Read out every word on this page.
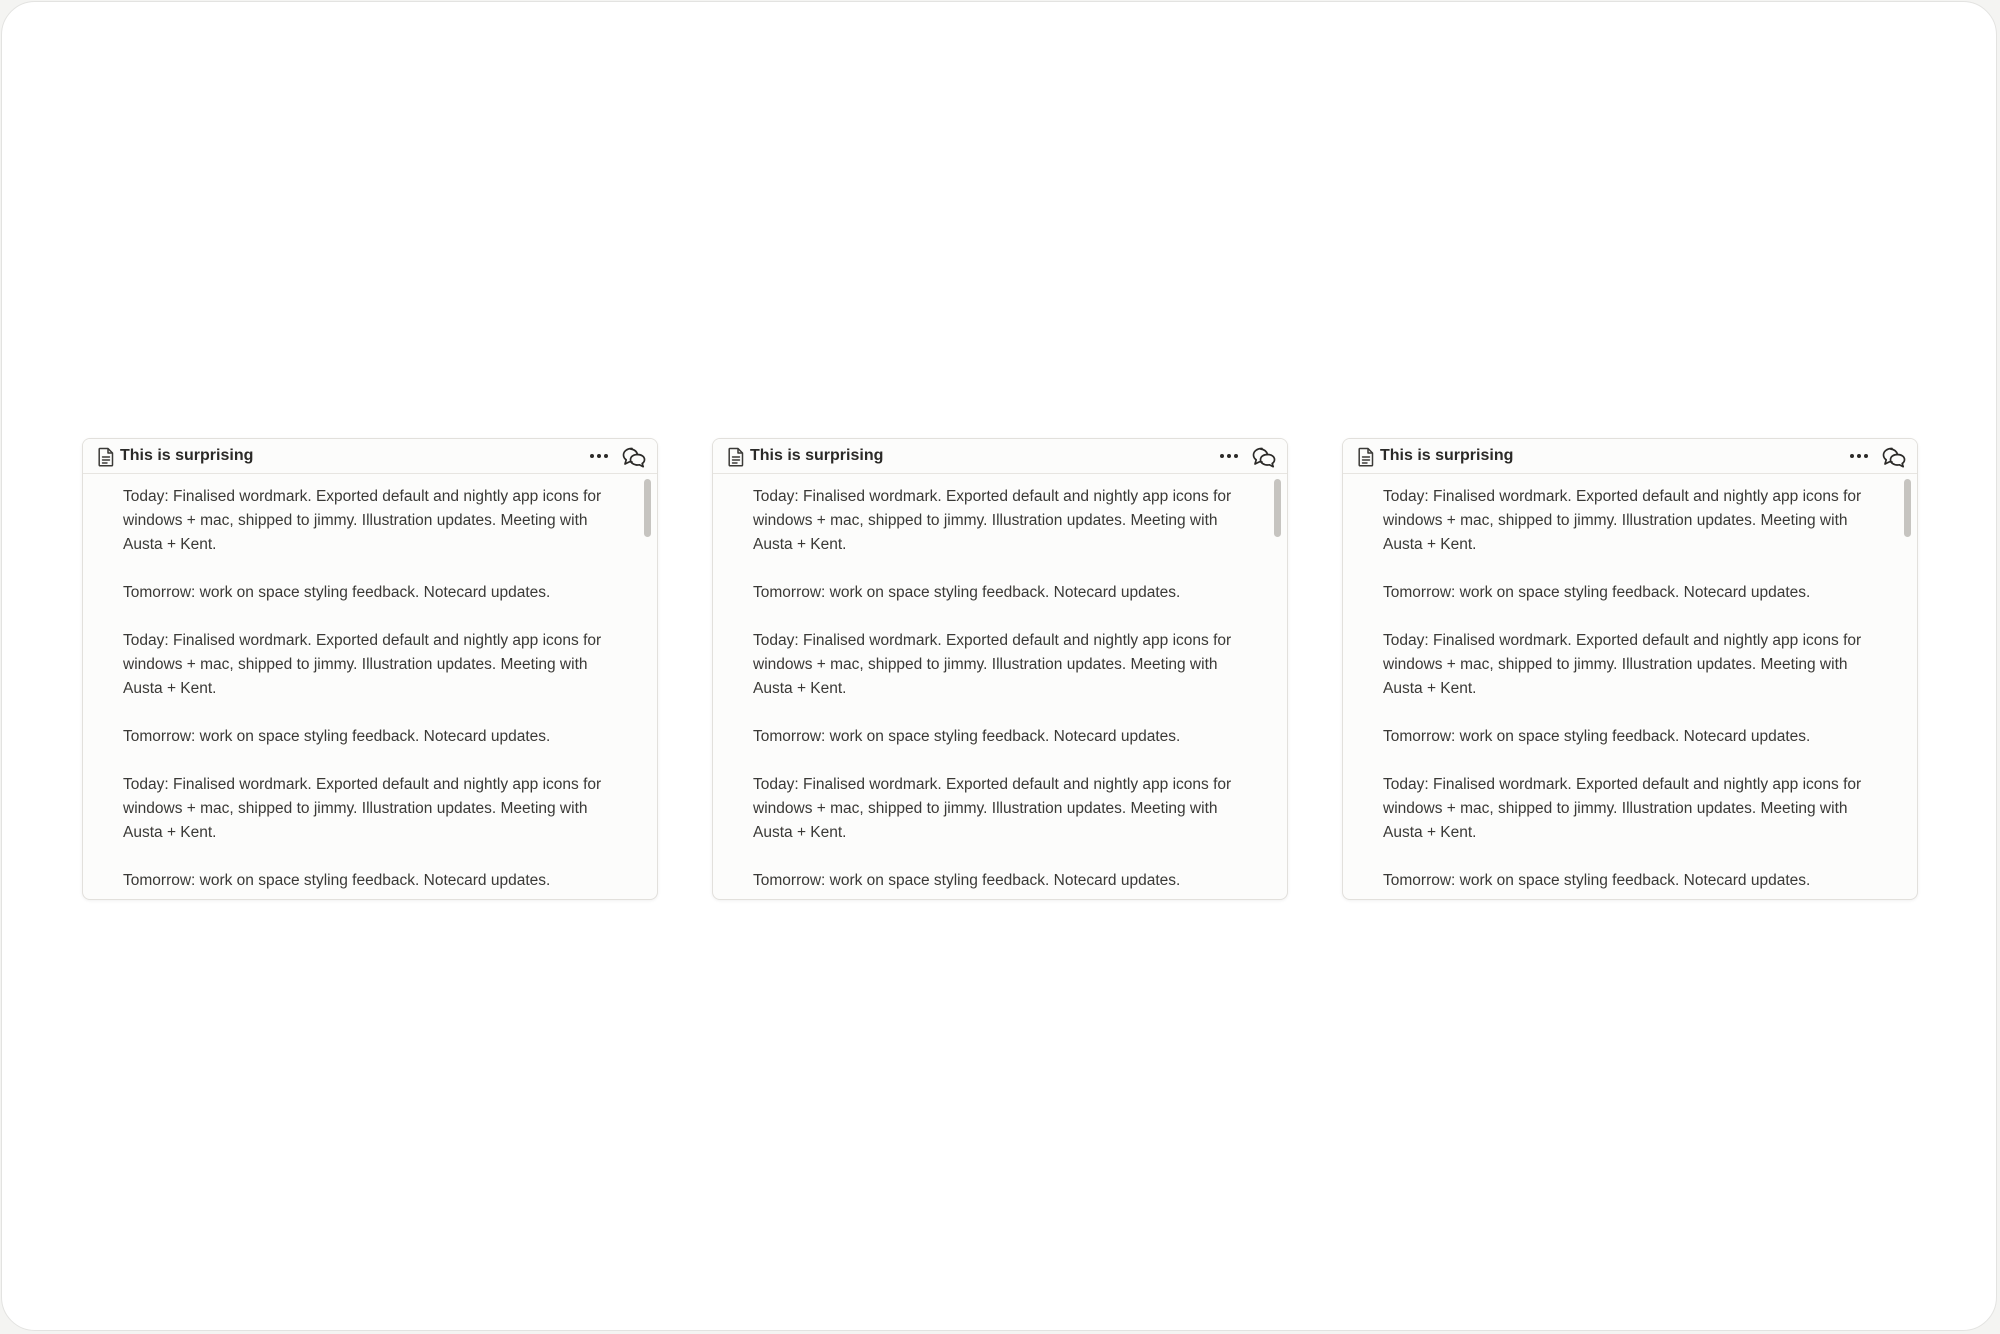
This is surprising
Today: Finalised wordmark. Exported default and nightly app icons for
windows + mac, shipped to jimmy. Illustration updates. Meeting with
Austa + Kent.
Tomorrow: work on space styling feedback. Notecard updates.
Today: Finalised wordmark. Exported default and nightly app icons for
windows + mac, shipped to jimmy. Illustration updates. Meeting with
Austa + Kent.
Tomorrow: work on space styling feedback. Notecard updates.
Today: Finalised wordmark. Exported default and nightly app icons for
windows + mac, shipped to jimmy. Illustration updates. Meeting with
Austa + Kent.
Tomorrow: work on space styling feedback. Notecard updates.
This is surprising
Today: Finalised wordmark. Exported default and nightly app icons for
windows + mac, shipped to jimmy. Illustration updates. Meeting with
Austa + Kent.
Tomorrow: work on space styling feedback. Notecard updates.
Today: Finalised wordmark. Exported default and nightly app icons for
windows + mac, shipped to jimmy. Illustration updates. Meeting with
Austa + Kent.
Tomorrow: work on space styling feedback. Notecard updates.
Today: Finalised wordmark. Exported default and nightly app icons for
windows + mac, shipped to jimmy. Illustration updates. Meeting with
Austa + Kent.
Tomorrow: work on space styling feedback. Notecard updates.
This is surprising
Today: Finalised wordmark. Exported default and nightly app icons for
windows + mac, shipped to jimmy. Illustration updates. Meeting with
Austa + Kent.
Tomorrow: work on space styling feedback. Notecard updates.
Today: Finalised wordmark. Exported default and nightly app icons for
windows + mac, shipped to jimmy. Illustration updates. Meeting with
Austa + Kent.
Tomorrow: work on space styling feedback. Notecard updates.
Today: Finalised wordmark. Exported default and nightly app icons for
windows + mac, shipped to jimmy. Illustration updates. Meeting with
Austa + Kent.
Tomorrow: work on space styling feedback. Notecard updates.
